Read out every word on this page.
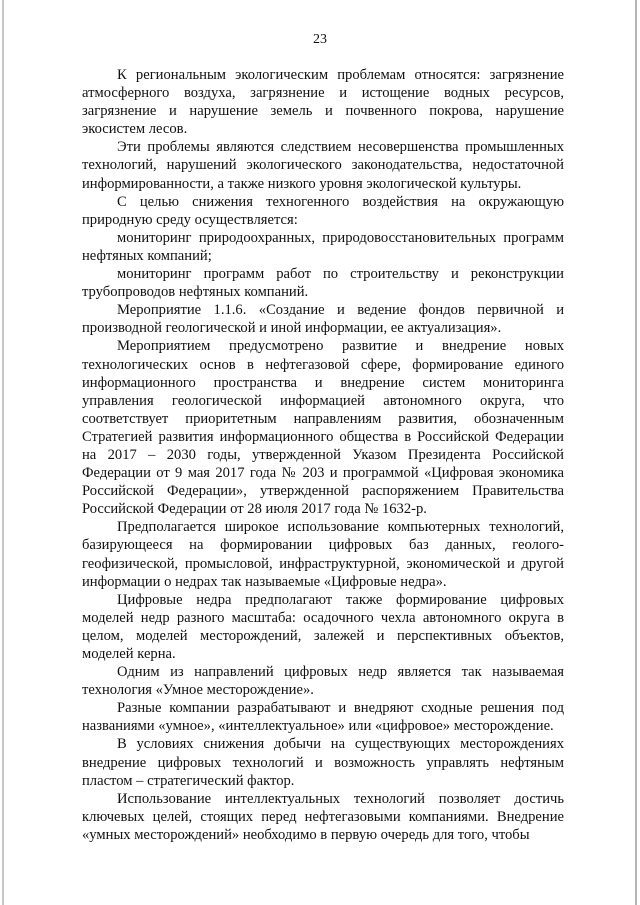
23

К региональным экологическим проблемам относятся: загрязнение атмосферного воздуха, загрязнение и истощение водных ресурсов, загрязнение и нарушение земель и почвенного покрова, нарушение экосистем лесов.

Эти проблемы являются следствием несовершенства промышленных технологий, нарушений экологического законодательства, недостаточной информированности, а также низкого уровня экологической культуры.

С целью снижения техногенного воздействия на окружающую природную среду осуществляется:

мониторинг природоохранных, природовосстановительных программ нефтяных компаний;

мониторинг программ работ по строительству и реконструкции трубопроводов нефтяных компаний.

Мероприятие 1.1.6. «Создание и ведение фондов первичной и производной геологической и иной информации, ее актуализация».

Мероприятием предусмотрено развитие и внедрение новых технологических основ в нефтегазовой сфере, формирование единого информационного пространства и внедрение систем мониторинга управления геологической информацией автономного округа, что соответствует приоритетным направлениям развития, обозначенным Стратегией развития информационного общества в Российской Федерации на 2017 – 2030 годы, утвержденной Указом Президента Российской Федерации от 9 мая 2017 года № 203 и программой «Цифровая экономика Российской Федерации», утвержденной распоряжением Правительства Российской Федерации от 28 июля 2017 года № 1632-р.

Предполагается широкое использование компьютерных технологий, базирующееся на формировании цифровых баз данных, геолого-геофизической, промысловой, инфраструктурной, экономической и другой информации о недрах так называемые «Цифровые недра».

Цифровые недра предполагают также формирование цифровых моделей недр разного масштаба: осадочного чехла автономного округа в целом, моделей месторождений, залежей и перспективных объектов, моделей керна.

Одним из направлений цифровых недр является так называемая технология «Умное месторождение».

Разные компании разрабатывают и внедряют сходные решения под названиями «умное», «интеллектуальное» или «цифровое» месторождение.

В условиях снижения добычи на существующих месторождениях внедрение цифровых технологий и возможность управлять нефтяным пластом – стратегический фактор.

Использование интеллектуальных технологий позволяет достичь ключевых целей, стоящих перед нефтегазовыми компаниями. Внедрение «умных месторождений» необходимо в первую очередь для того, чтобы
